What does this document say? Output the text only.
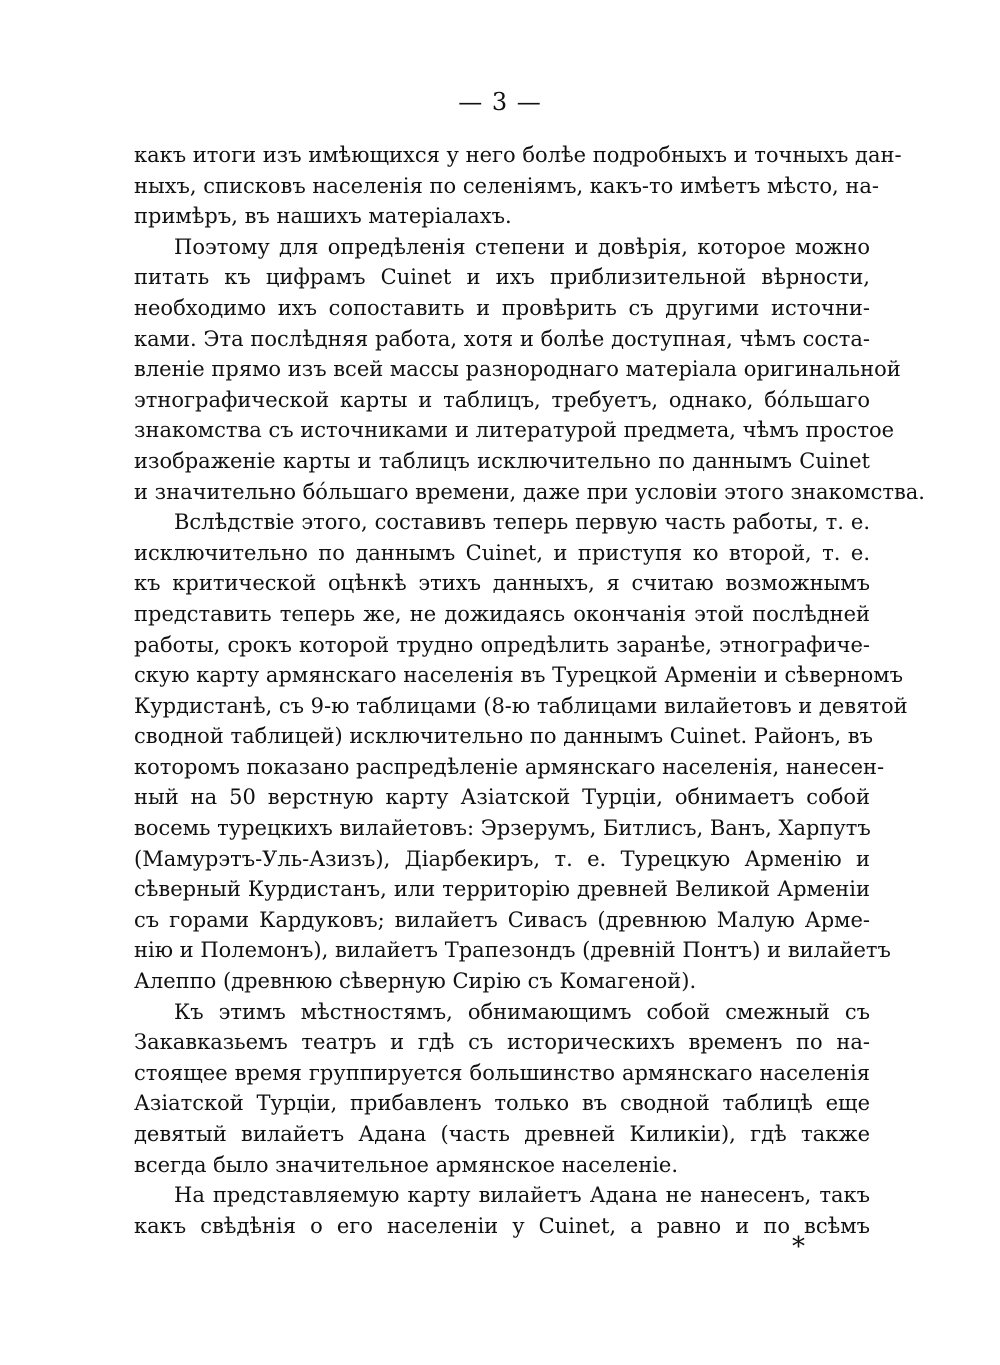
— 3 —

какъ итоги изъ имѣющихся у него болѣе подробныхъ и точныхъ дан-
ныхъ, списковъ населенія по селеніямъ, какъ-то имѣетъ мѣсто, на-
примѣръ, въ нашихъ матеріалахъ.

Поэтому для опредѣленія степени и довѣрія, которое можно
питать къ цифрамъ Cuinet и ихъ приблизительной вѣрности,
необходимо ихъ сопоставить и провѣрить съ другими источни-
ками. Эта послѣдняя работа, хотя и болѣе доступная, чѣмъ соста-
вленіе прямо изъ всей массы разнороднаго матеріала оригинальной
этнографической карты и таблицъ, требуетъ, однако, бóльшаго
знакомства съ источниками и литературой предмета, чѣмъ простое
изображеніе карты и таблицъ исключительно по даннымъ Cuinet
и значительно бóльшаго времени, даже при условіи этого знакомства.

Вслѣдствіе этого, составивъ теперь первую часть работы, т. е.
исключительно по даннымъ Cuinet, и приступя ко второй, т. е.
къ критической оцѣнкѣ этихъ данныхъ, я считаю возможнымъ
представить теперь же, не дожидаясь окончанія этой послѣдней
работы, срокъ которой трудно опредѣлить заранѣе, этнографиче-
скую карту армянскаго населенія въ Турецкой Арменіи и сѣверномъ
Курдистанѣ, съ 9-ю таблицами (8-ю таблицами вилайетовъ и девятой
сводной таблицей) исключительно по даннымъ Cuinet. Районъ, въ
которомъ показано распредѣленіе армянскаго населенія, нанесен-
ный на 50 верстную карту Азіатской Турціи, обнимаетъ собой
восемь турецкихъ вилайетовъ: Эрзерумъ, Битлисъ, Ванъ, Харпутъ
(Мамурэтъ-Уль-Азизъ), Діарбекиръ, т. е. Турецкую Арменію и
сѣверный Курдистанъ, или территорію древней Великой Арменіи
съ горами Кардуковъ; вилайетъ Сивасъ (древнюю Малую Арме-
нію и Полемонъ), вилайетъ Трапезондъ (древній Понтъ) и вилайетъ
Алеппо (древнюю сѣверную Сирію съ Комагеной).

Къ этимъ мѣстностямъ, обнимающимъ собой смежный съ
Закавказьемъ театръ и гдѣ съ историческихъ временъ по на-
стоящее время группируется большинство армянскаго населенія
Азіатской Турціи, прибавленъ только въ сводной таблицѣ еще
девятый вилайетъ Адана (часть древней Киликіи), гдѣ также
всегда было значительное армянское населеніе.

На представляемую карту вилайетъ Адана не нанесенъ, такъ
какъ свѣдѣнія о его населеніи у Cuinet, а равно и по всѣмъ

*
